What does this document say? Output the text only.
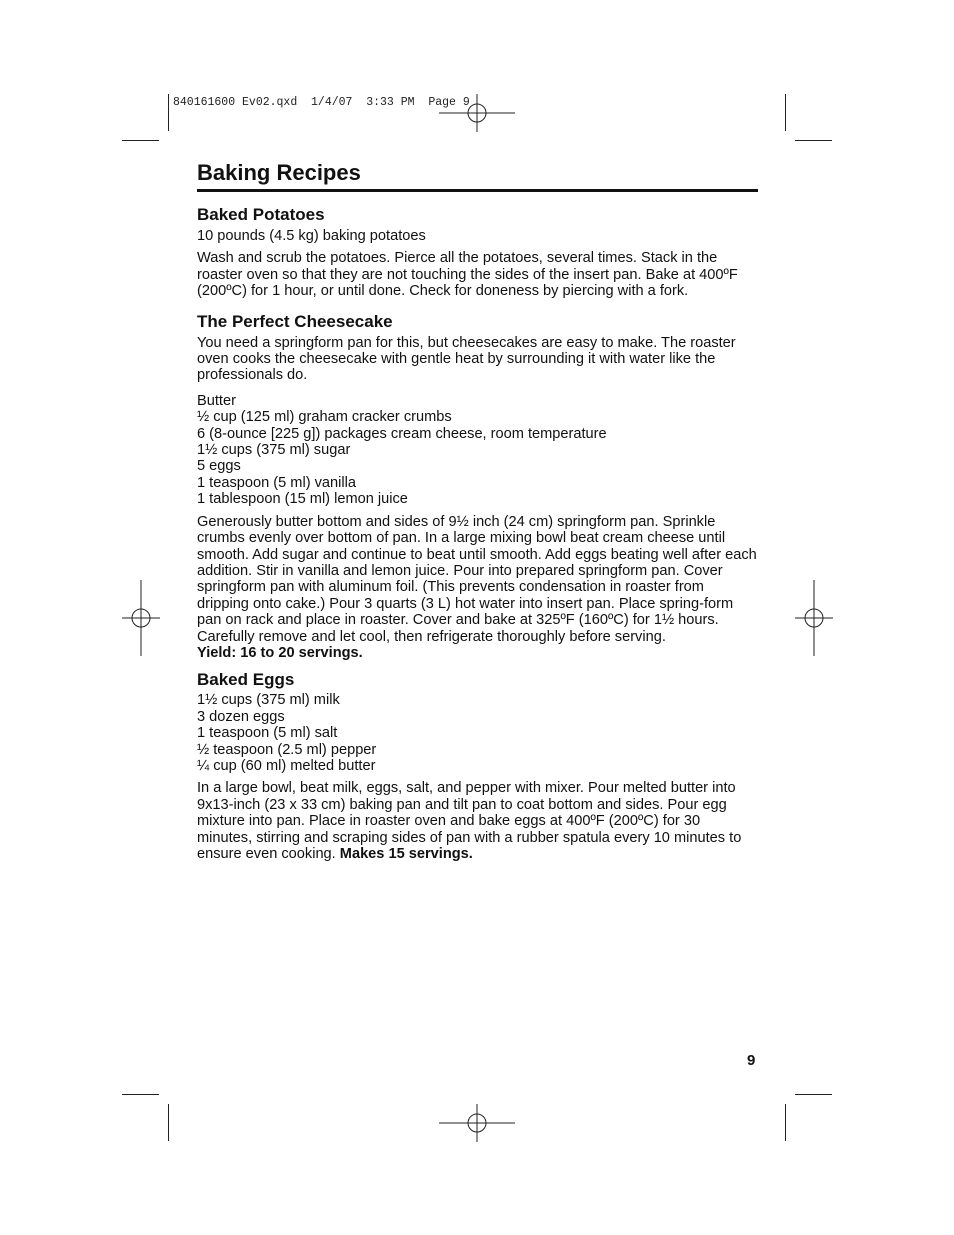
840161600 Ev02.qxd  1/4/07  3:33 PM  Page 9
Baking Recipes
Baked Potatoes

10 pounds (4.5 kg) baking potatoes

Wash and scrub the potatoes. Pierce all the potatoes, several times. Stack in the roaster oven so that they are not touching the sides of the insert pan. Bake at 400ºF (200ºC) for 1 hour, or until done. Check for doneness by piercing with a fork.

The Perfect Cheesecake

You need a springform pan for this, but cheesecakes are easy to make. The roaster oven cooks the cheesecake with gentle heat by surrounding it with water like the professionals do.

Butter
½ cup (125 ml) graham cracker crumbs
6 (8-ounce [225 g]) packages cream cheese, room temperature
1½ cups (375 ml) sugar
5 eggs
1 teaspoon (5 ml) vanilla
1 tablespoon (15 ml) lemon juice

Generously butter bottom and sides of 9½ inch (24 cm) springform pan. Sprinkle crumbs evenly over bottom of pan. In a large mixing bowl beat cream cheese until smooth. Add sugar and continue to beat until smooth. Add eggs beating well after each addition. Stir in vanilla and lemon juice. Pour into prepared springform pan. Cover springform pan with aluminum foil. (This prevents condensation in roaster from dripping onto cake.) Pour 3 quarts (3 L) hot water into insert pan. Place spring-form pan on rack and place in roaster. Cover and bake at 325ºF (160ºC) for 1½ hours. Carefully remove and let cool, then refrigerate thoroughly before serving.
Yield: 16 to 20 servings.

Baked Eggs
1½ cups (375 ml) milk
3 dozen eggs
1 teaspoon (5 ml) salt
½ teaspoon (2.5 ml) pepper
¼ cup (60 ml) melted butter

In a large bowl, beat milk, eggs, salt, and pepper with mixer. Pour melted butter into 9x13-inch (23 x 33 cm) baking pan and tilt pan to coat bottom and sides. Pour egg mixture into pan. Place in roaster oven and bake eggs at 400ºF (200ºC) for 30 minutes, stirring and scraping sides of pan with a rubber spatula every 10 minutes to ensure even cooking. Makes 15 servings.

9
